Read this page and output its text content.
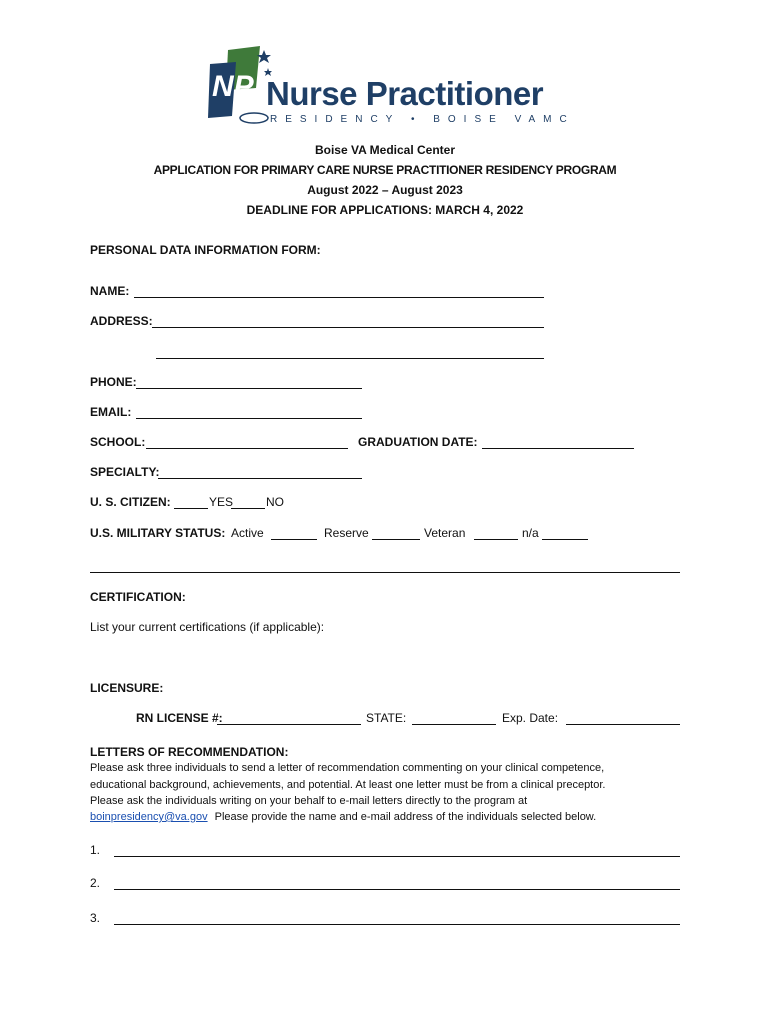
NP Nurse Practitioner
RESIDENCY • BOISE VAMC
Boise VA Medical Center
APPLICATION FOR PRIMARY CARE NURSE PRACTITIONER RESIDENCY PROGRAM
August 2022 – August 2023
DEADLINE FOR APPLICATIONS: MARCH 4, 2022
PERSONAL DATA INFORMATION FORM:
NAME:
ADDRESS:
PHONE:
EMAIL:
SCHOOL:	GRADUATION DATE:
SPECIALTY:
U. S. CITIZEN:	YES	NO
U.S. MILITARY STATUS: Active	Reserve	Veteran	n/a
CERTIFICATION:
List your current certifications (if applicable):
LICENSURE:
RN LICENSE #:	STATE:	Exp. Date:
LETTERS OF RECOMMENDATION:
Please ask three individuals to send a letter of recommendation commenting on your clinical competence,
educational background, achievements, and potential. At least one letter must be from a clinical preceptor.
Please ask the individuals writing on your behalf to e-mail letters directly to the program at
boinpresidency@va.gov Please provide the name and e-mail address of the individuals selected below.
1.
2.
3.
